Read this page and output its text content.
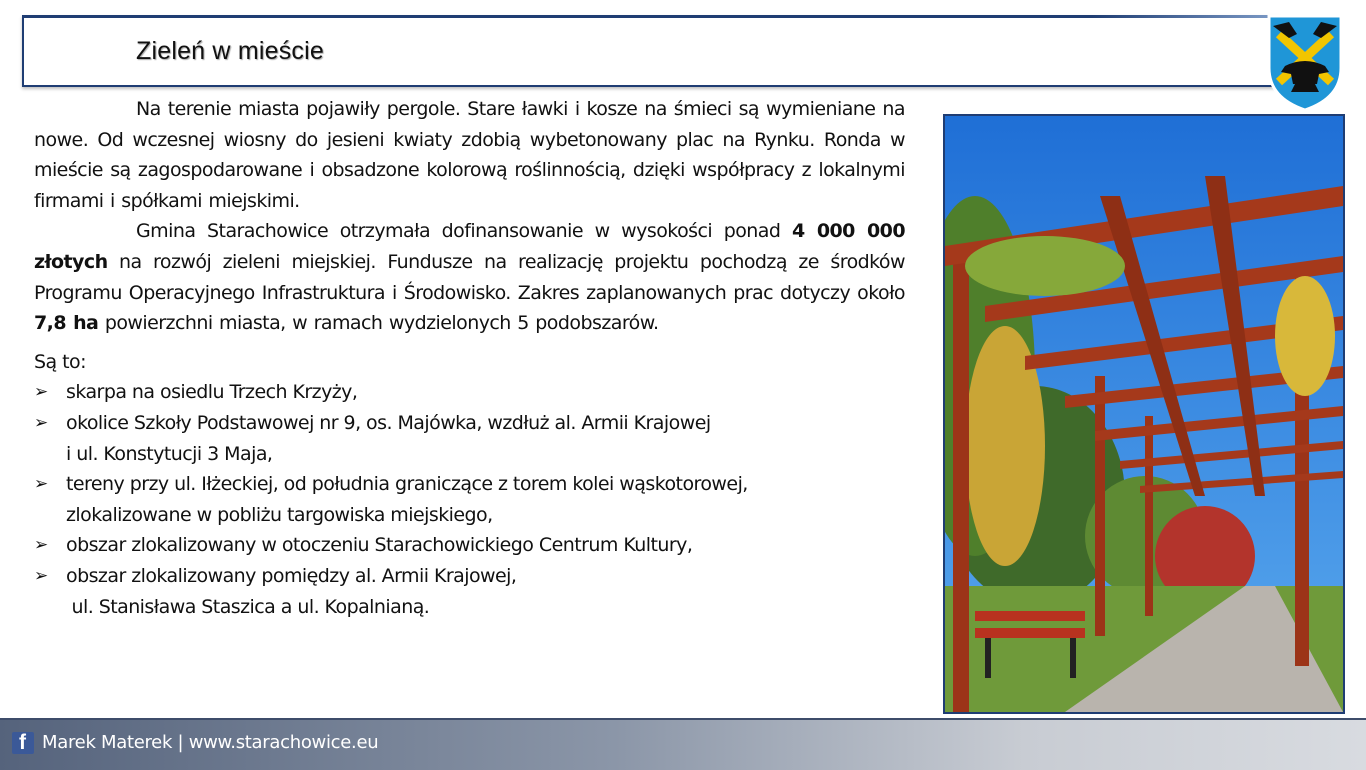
Zieleń w mieście

Na terenie miasta pojawiły pergole. Stare ławki i kosze na śmieci są wymieniane na nowe. Od wczesnej wiosny do jesieni kwiaty zdobią wybetonowany plac na Rynku. Ronda w mieście są zagospodarowane i obsadzone kolorową roślinnością, dzięki współpracy z lokalnymi firmami i spółkami miejskimi.

Gmina Starachowice otrzymała dofinansowanie w wysokości ponad 4 000 000 złotych na rozwój zieleni miejskiej. Fundusze na realizację projektu pochodzą ze środków Programu Operacyjnego Infrastruktura i Środowisko. Zakres zaplanowanych prac dotyczy około 7,8 ha powierzchni miasta, w ramach wydzielonych 5 podobszarów.

Są to:

➢ skarpa na osiedlu Trzech Krzyży,
➢ okolice Szkoły Podstawowej nr 9, os. Majówka, wzdłuż al. Armii Krajowej
i ul. Konstytucji 3 Maja,
➢ tereny przy ul. Iłżeckiej, od południa graniczące z torem kolei wąskotorowej,
zlokalizowane w pobliżu targowiska miejskiego,
➢ obszar zlokalizowany w otoczeniu Starachowickiego Centrum Kultury,
➢ obszar zlokalizowany pomiędzy al. Armii Krajowej,
ul. Stanisława Staszica a ul. Kopalnianą.
f Marek Materek | www.starachowice.eu
